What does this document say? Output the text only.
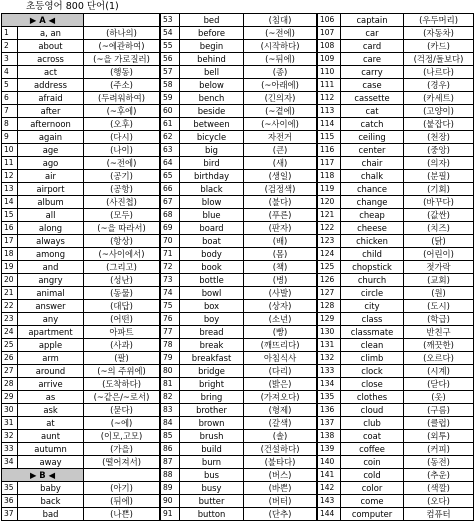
초등영어 800 단어(1)
▶ A ◀		
1	a, an	(하나의)
2	about	(~에관하여)
3	across	(~을 가로질러)
4	act	(행동)
5	address	(주소)
6	afraid	(두려워하여)
7	after	(~후에)
8	afternoon	(오후)
9	again	(다시)
10	age	(나이)
11	ago	(~전에)
12	air	(공기)
13	airport	(공항)
14	album	(사진첩)
15	all	(모두)
16	along	(~을 따라서)
17	always	(항상)
18	among	(~사이에서)
19	and	(그리고)
20	angry	(성난)
21	animal	(동물)
22	answer	(대답)
23	any	(어떤)
24	apartment	아파트
25	apple	(사과)
26	arm	(팔)
27	around	(~의 주위에)
28	arrive	(도착하다)
29	as	(~같은/~로서)
30	ask	(묻다)
31	at	(~에)
32	aunt	(이모,고모)
33	autumn	(가을)
34	away	(떨어져서)
▶ B ◀		
35	baby	(아기)
36	back	(뒤에)
37	bad	(나쁜)
53	bed	(침대)
54	before	(~전에)
55	begin	(시작하다)
56	behind	(~뒤에)
57	bell	(종)
58	below	(~아래에)
59	bench	(긴의자)
60	beside	(~곁에)
61	between	(~사이에)
62	bicycle	자전거
63	big	(큰)
64	bird	(새)
65	birthday	(생일)
66	black	(검정색)
67	blow	(불다)
68	blue	(푸른)
69	board	(판자)
70	boat	(배)
71	body	(몸)
72	book	(책)
73	bottle	(병)
74	bowl	(사발)
75	box	(상자)
76	boy	(소년)
77	bread	(빵)
78	break	(깨뜨리다)
79	breakfast	아침식사
80	bridge	(다리)
81	bright	(밝은)
82	bring	(가져오다)
83	brother	(형제)
84	brown	(갈색)
85	brush	(솔)
86	build	(건설하다)
87	burn	(불타다)
88	bus	(버스)
89	busy	(바쁜)
90	butter	(버터)
91	button	(단추)
106	captain	(우두머리)
107	car	(자동차)
108	card	(카드)
109	care	(걱정/돌보다)
110	carry	(나르다)
111	case	(경우)
112	cassette	(카세트)
113	cat	(고양이)
114	catch	(붙잡다)
115	ceiling	(천장)
116	center	(중앙)
117	chair	(의자)
118	chalk	(분필)
119	chance	(기회)
120	change	(바꾸다)
121	cheap	(값싼)
122	cheese	(치즈)
123	chicken	(닭)
124	child	(어린이)
125	chopstick	젓가락
126	church	(교회)
127	circle	(원)
128	city	(도시)
129	class	(학급)
130	classmate	반친구
131	clean	(깨끗한)
132	climb	(오르다)
133	clock	(시계)
134	close	(닫다)
135	clothes	(옷)
136	cloud	(구름)
137	club	(클럽)
138	coat	(외투)
139	coffee	(커피)
140	coin	(동전)
141	cold	(추운)
142	color	(색깔)
143	come	(오다)
144	computer	컴퓨터
